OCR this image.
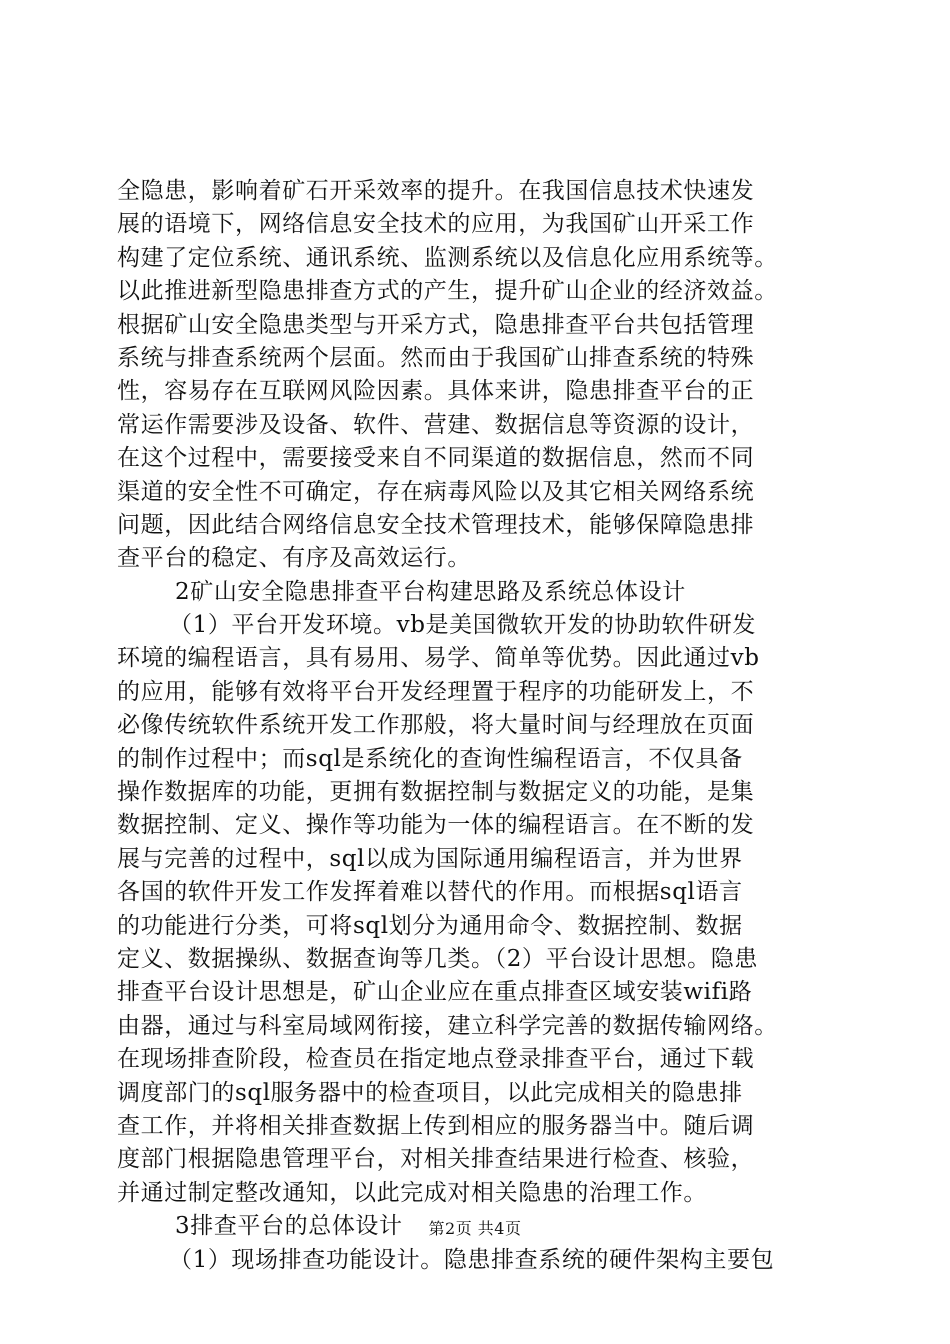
全隐患，影响着矿石开采效率的提升。在我国信息技术快速发
展的语境下，网络信息安全技术的应用，为我国矿山开采工作
构建了定位系统、通讯系统、监测系统以及信息化应用系统等。
以此推进新型隐患排查方式的产生，提升矿山企业的经济效益。
根据矿山安全隐患类型与开采方式，隐患排查平台共包括管理
系统与排查系统两个层面。然而由于我国矿山排查系统的特殊
性，容易存在互联网风险因素。具体来讲，隐患排查平台的正
常运作需要涉及设备、软件、营建、数据信息等资源的设计，
在这个过程中，需要接受来自不同渠道的数据信息，然而不同
渠道的安全性不可确定，存在病毒风险以及其它相关网络系统
问题，因此结合网络信息安全技术管理技术，能够保障隐患排
查平台的稳定、有序及高效运行。
2矿山安全隐患排查平台构建思路及系统总体设计
（1）平台开发环境。vb是美国微软开发的协助软件研发
环境的编程语言，具有易用、易学、简单等优势。因此通过vb
的应用，能够有效将平台开发经理置于程序的功能研发上，不
必像传统软件系统开发工作那般，将大量时间与经理放在页面
的制作过程中；而sql是系统化的查询性编程语言，不仅具备
操作数据库的功能，更拥有数据控制与数据定义的功能，是集
数据控制、定义、操作等功能为一体的编程语言。在不断的发
展与完善的过程中，sql以成为国际通用编程语言，并为世界
各国的软件开发工作发挥着难以替代的作用。而根据sql语言
的功能进行分类，可将sql划分为通用命令、数据控制、数据
定义、数据操纵、数据查询等几类。（2）平台设计思想。隐患
排查平台设计思想是，矿山企业应在重点排查区域安装wifi路
由器，通过与科室局域网衔接，建立科学完善的数据传输网络。
在现场排查阶段，检查员在指定地点登录排查平台，通过下载
调度部门的sql服务器中的检查项目，以此完成相关的隐患排
查工作，并将相关排查数据上传到相应的服务器当中。随后调
度部门根据隐患管理平台，对相关排查结果进行检查、核验，
并通过制定整改通知，以此完成对相关隐患的治理工作。
3排查平台的总体设计
（1）现场排查功能设计。隐患排查系统的硬件架构主要包
第2页 共4页
